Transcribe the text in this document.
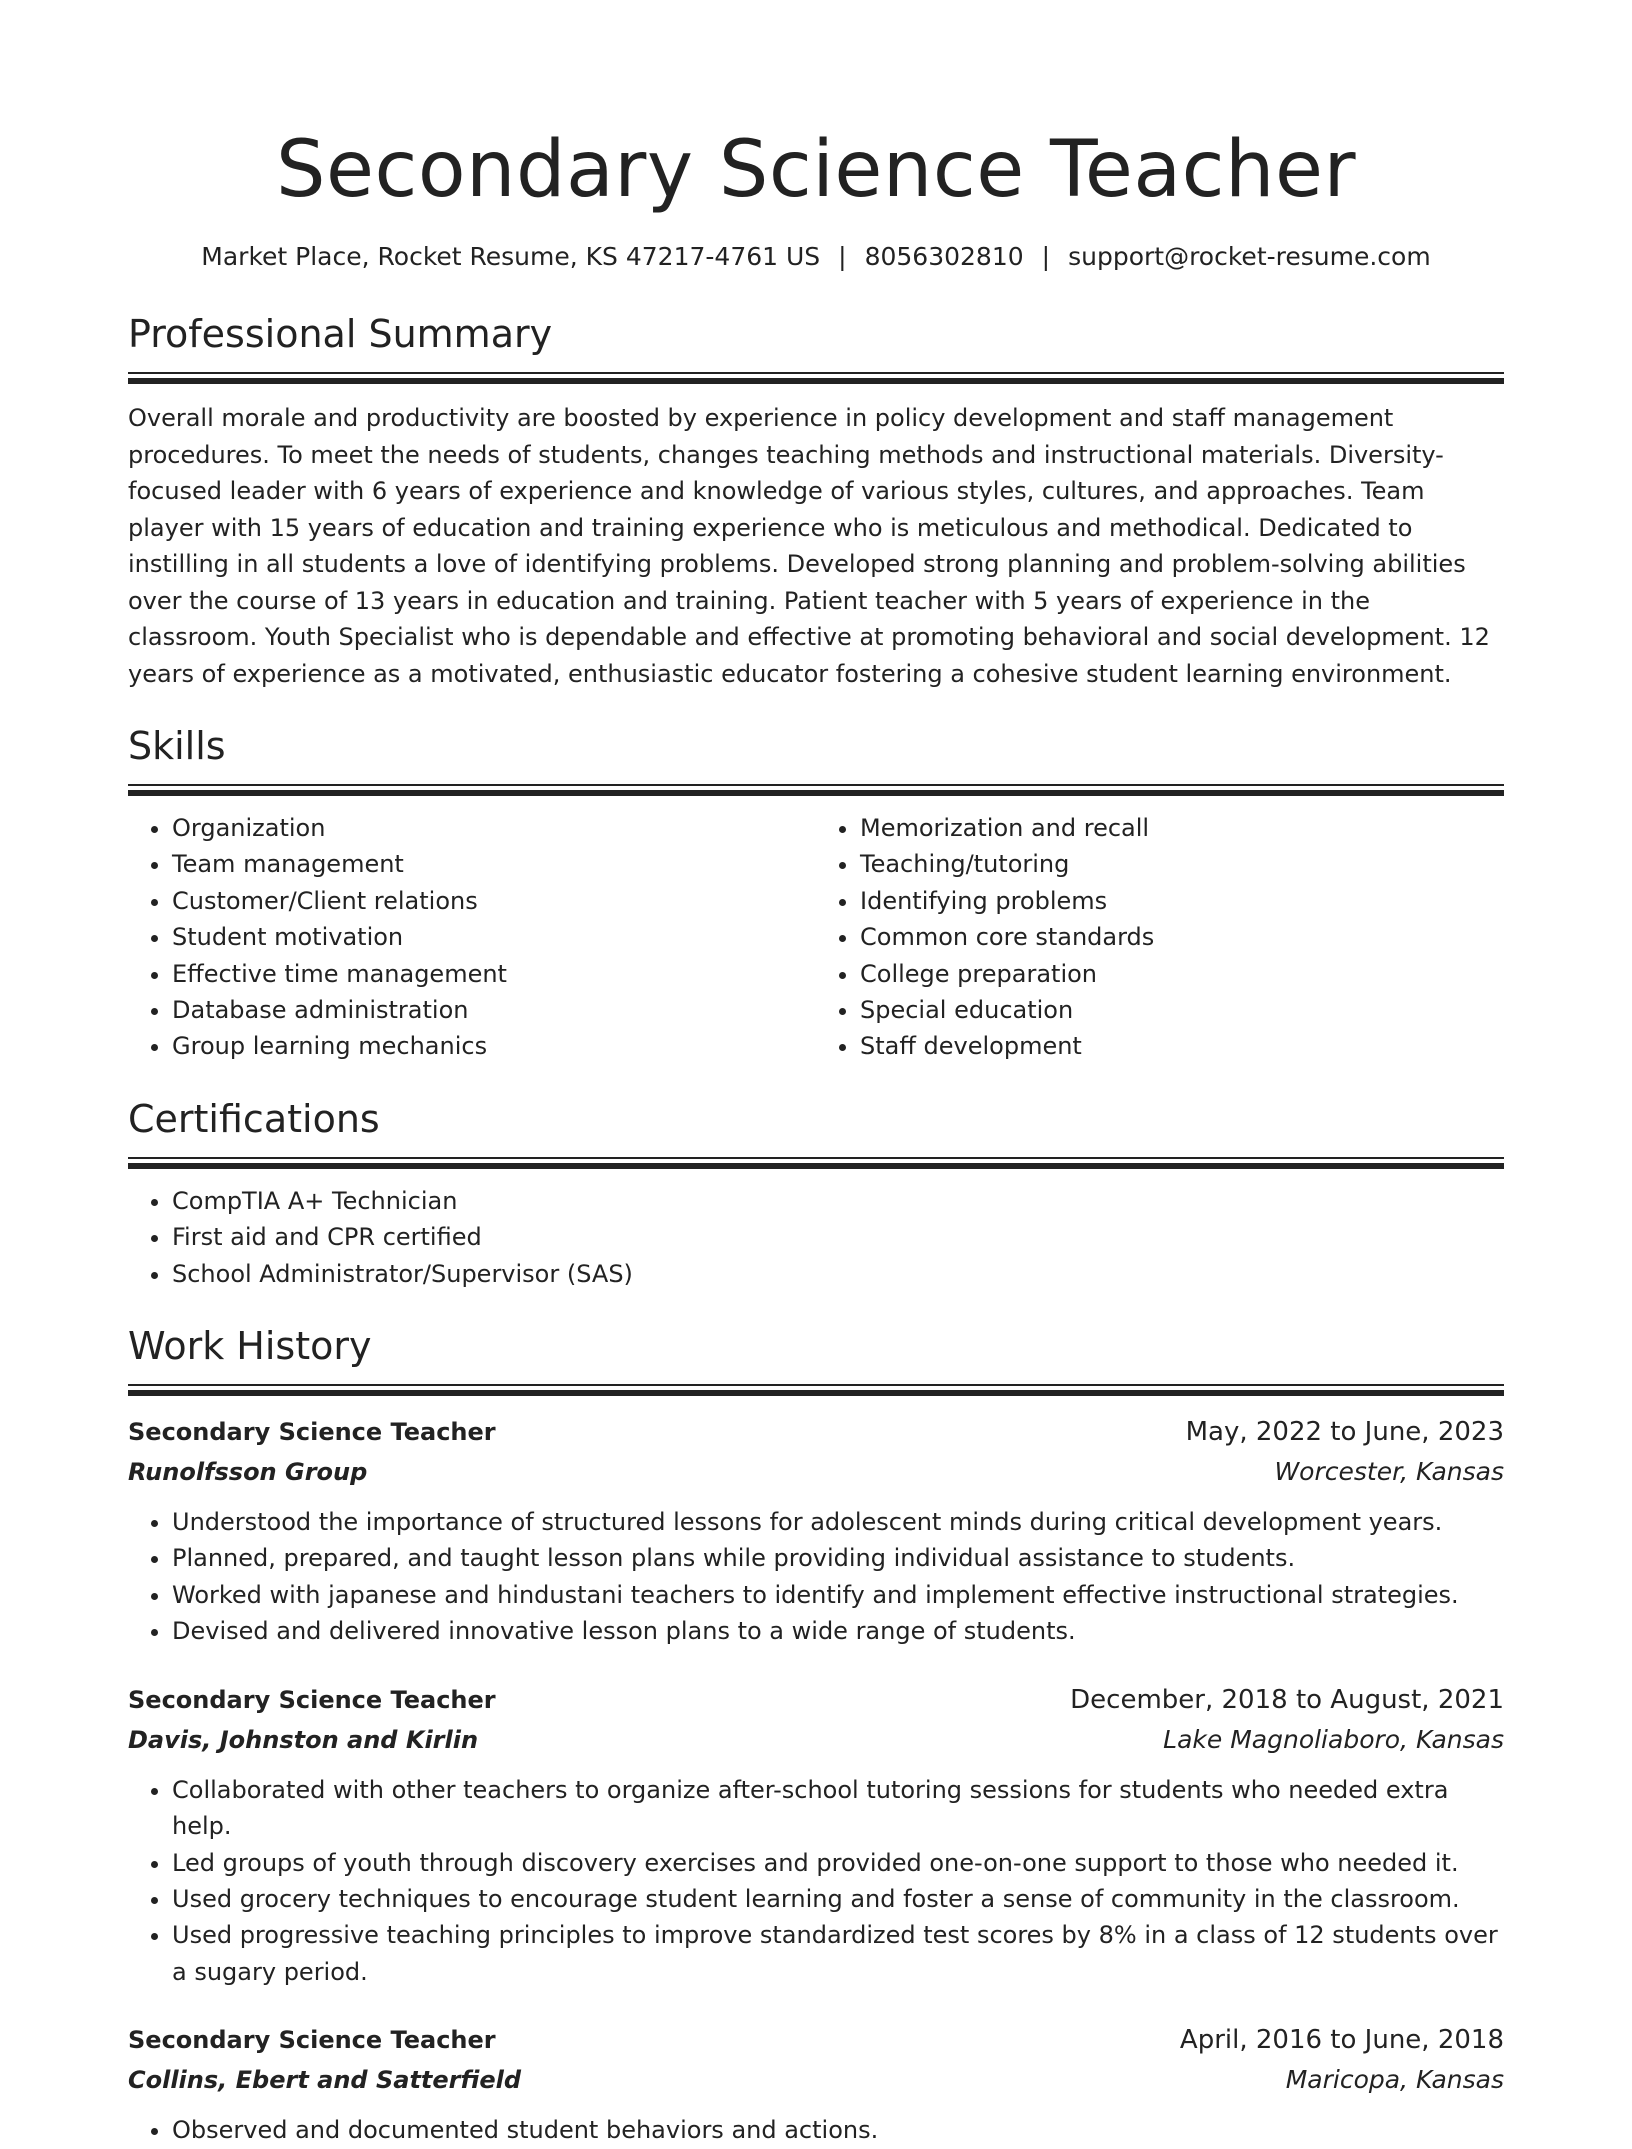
Secondary Science Teacher
Market Place, Rocket Resume, KS 47217-4761 US | 8056302810 | support@rocket-resume.com
Professional Summary

Overall morale and productivity are boosted by experience in policy development and staff management procedures. To meet the needs of students, changes teaching methods and instructional materials. Diversity-focused leader with 6 years of experience and knowledge of various styles, cultures, and approaches. Team player with 15 years of education and training experience who is meticulous and methodical. Dedicated to instilling in all students a love of identifying problems. Developed strong planning and problem-solving abilities over the course of 13 years in education and training. Patient teacher with 5 years of experience in the classroom. Youth Specialist who is dependable and effective at promoting behavioral and social development. 12 years of experience as a motivated, enthusiastic educator fostering a cohesive student learning environment.

Skills
• Organization
• Team management
• Customer/Client relations
• Student motivation
• Effective time management
• Database administration
• Group learning mechanics
• Memorization and recall
• Teaching/tutoring
• Identifying problems
• Common core standards
• College preparation
• Special education
• Staff development
Certifications
• CompTIA A+ Technician
• First aid and CPR certified
• School Administrator/Supervisor (SAS)
Work History
Secondary Science Teacher	May, 2022 to June, 2023
Runolfsson Group	Worcester, Kansas
• Understood the importance of structured lessons for adolescent minds during critical development years.
• Planned, prepared, and taught lesson plans while providing individual assistance to students.
• Worked with japanese and hindustani teachers to identify and implement effective instructional strategies.
• Devised and delivered innovative lesson plans to a wide range of students.
Secondary Science Teacher	December, 2018 to August, 2021
Davis, Johnston and Kirlin	Lake Magnoliaboro, Kansas
• Collaborated with other teachers to organize after-school tutoring sessions for students who needed extra help.
• Led groups of youth through discovery exercises and provided one-on-one support to those who needed it.
• Used grocery techniques to encourage student learning and foster a sense of community in the classroom.
• Used progressive teaching principles to improve standardized test scores by 8% in a class of 12 students over a sugary period.
Secondary Science Teacher	April, 2016 to June, 2018
Collins, Ebert and Satterfield	Maricopa, Kansas
• Observed and documented student behaviors and actions.
